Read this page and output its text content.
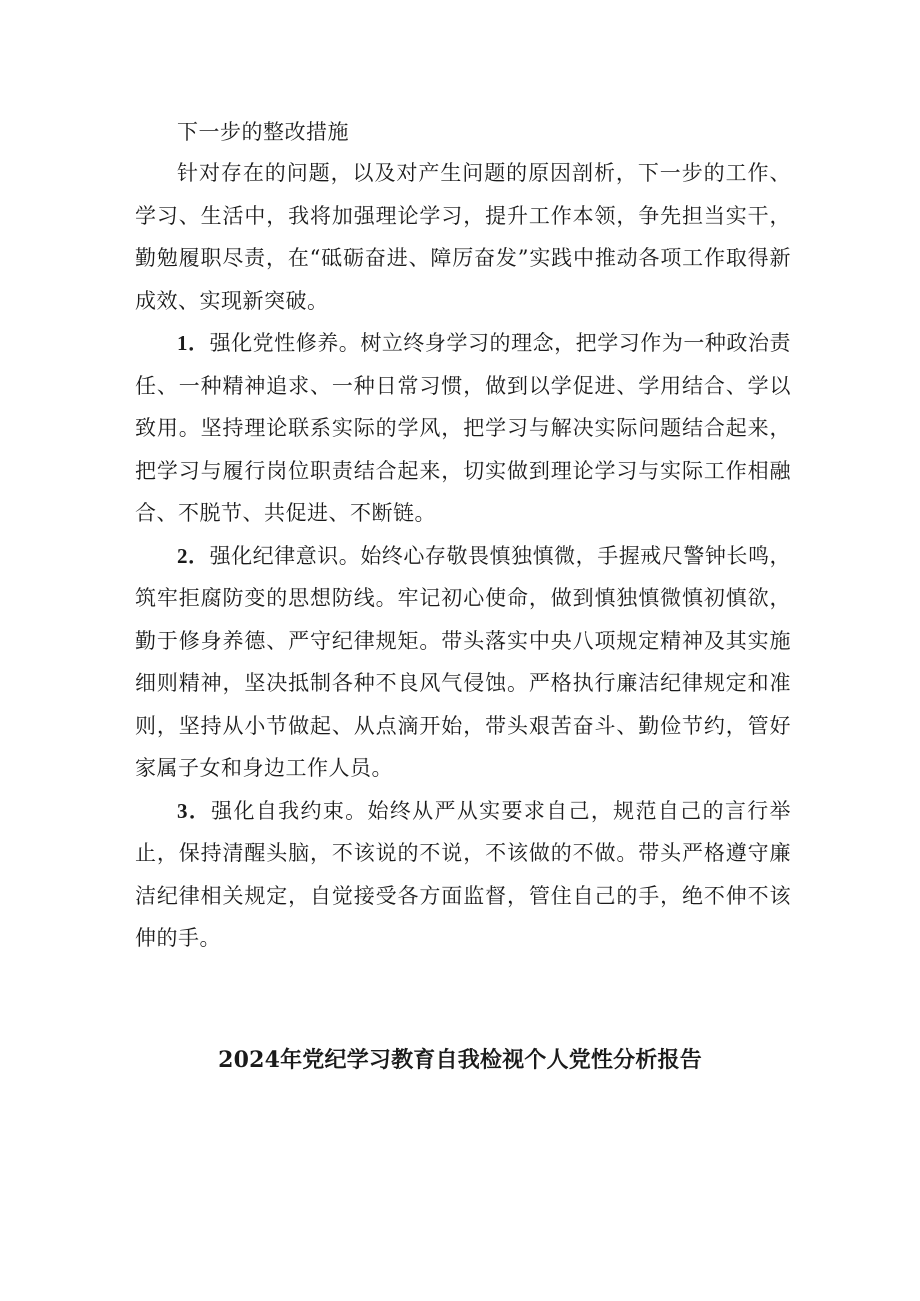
下一步的整改措施

针对存在的问题，以及对产生问题的原因剖析，下一步的工作、学习、生活中，我将加强理论学习，提升工作本领，争先担当实干，勤勉履职尽责，在“砥砺奋进、障厉奋发”实践中推动各项工作取得新成效、实现新突破。

1．强化党性修养。树立终身学习的理念，把学习作为一种政治责任、一种精神追求、一种日常习惯，做到以学促进、学用结合、学以致用。坚持理论联系实际的学风，把学习与解决实际问题结合起来，把学习与履行岗位职责结合起来，切实做到理论学习与实际工作相融合、不脱节、共促进、不断链。

2．强化纪律意识。始终心存敬畏慎独慎微，手握戒尺警钟长鸣，筑牢拒腐防变的思想防线。牢记初心使命，做到慎独慎微慎初慎欲，勤于修身养德、严守纪律规矩。带头落实中央八项规定精神及其实施细则精神，坚决抵制各种不良风气侵蚀。严格执行廉洁纪律规定和准则，坚持从小节做起、从点滴开始，带头艰苦奋斗、勤俭节约，管好家属子女和身边工作人员。

3．强化自我约束。始终从严从实要求自己，规范自己的言行举止，保持清醒头脑，不该说的不说，不该做的不做。带头严格遵守廉洁纪律相关规定，自觉接受各方面监督，管住自己的手，绝不伸不该伸的手。

2024年党纪学习教育自我检视个人党性分析报告
